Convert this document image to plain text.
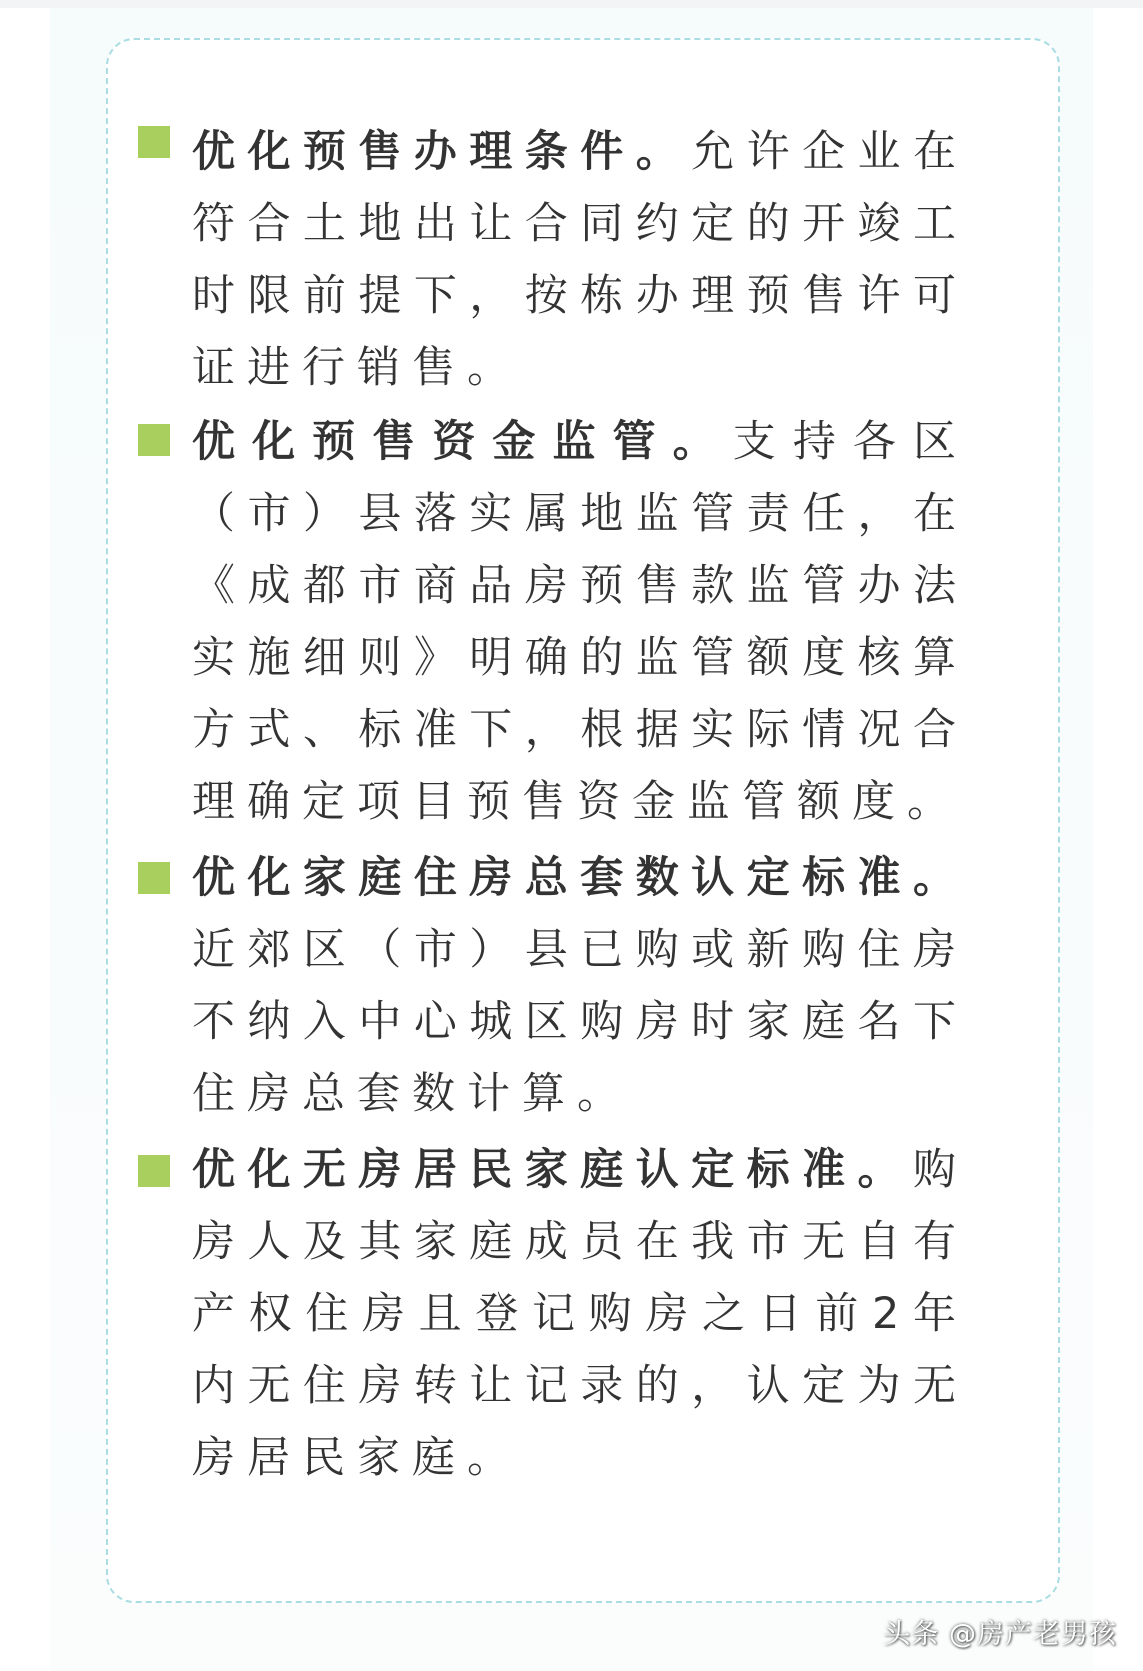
优化预售办理条件。允许企业在符合土地出让合同约定的开竣工时限前提下，按栋办理预售许可证进行销售。

优化预售资金监管。支持各区（市）县落实属地监管责任，在《成都市商品房预售款监管办法实施细则》明确的监管额度核算方式、标准下，根据实际情况合理确定项目预售资金监管额度。

优化家庭住房总套数认定标准。近郊区（市）县已购或新购住房不纳入中心城区购房时家庭名下住房总套数计算。

优化无房居民家庭认定标准。购房人及其家庭成员在我市无自有产权住房且登记购房之日前2年内无住房转让记录的，认定为无房居民家庭。

头条 @房产老男孩
